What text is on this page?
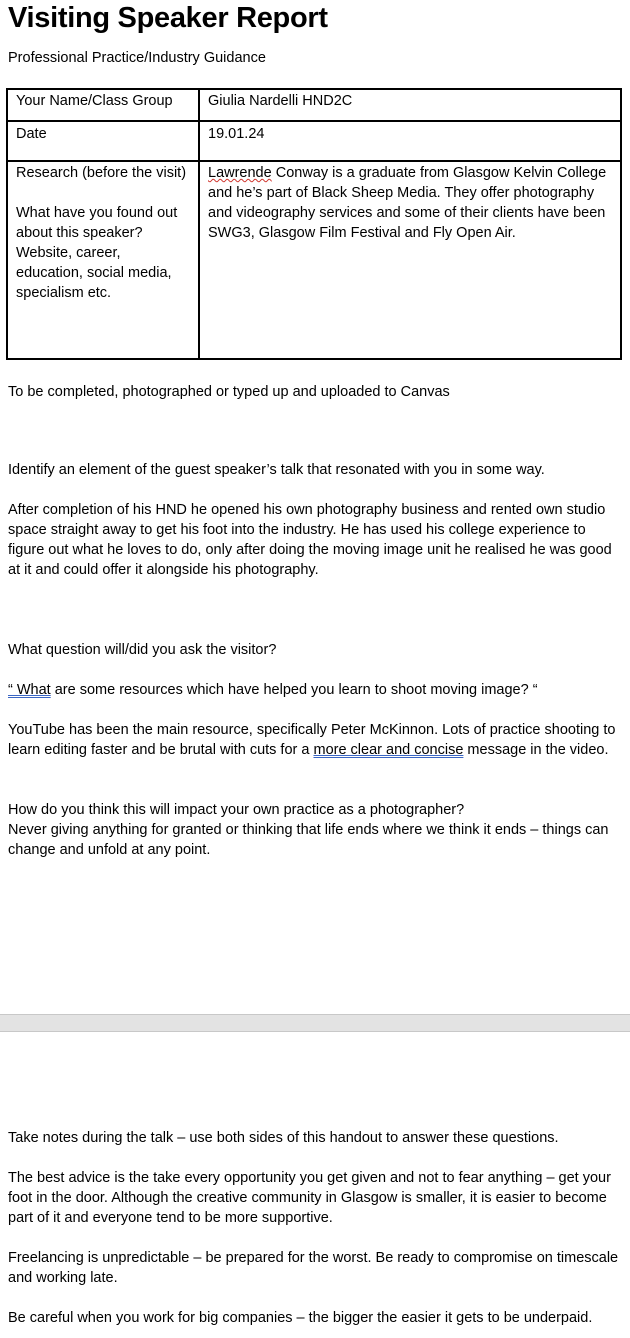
Visiting Speaker Report

Professional Practice/Industry Guidance

Your Name/Class Group	Giulia Nardelli HND2C
Date	19.01.24

Research (before the visit)
What have you found out about this speaker? Website, career, education, social media, specialism etc.	Lawrende Conway is a graduate from Glasgow Kelvin College and he’s part of Black Sheep Media. They offer photography and videography services and some of their clients have been SWG3, Glasgow Film Festival and Fly Open Air.

To be completed, photographed or typed up and uploaded to Canvas

Identify an element of the guest speaker’s talk that resonated with you in some way.

After completion of his HND he opened his own photography business and rented own studio space straight away to get his foot into the industry. He has used his college experience to figure out what he loves to do, only after doing the moving image unit he realised he was good at it and could offer it alongside his photography.

What question will/did you ask the visitor?

“ What are some resources which have helped you learn to shoot moving image? “

YouTube has been the main resource, specifically Peter McKinnon. Lots of practice shooting to learn editing faster and be brutal with cuts for a more clear and concise message in the video.

How do you think this will impact your own practice as a photographer?

Never giving anything for granted or thinking that life ends where we think it ends – things can change and unfold at any point.

Take notes during the talk – use both sides of this handout to answer these questions.

The best advice is the take every opportunity you get given and not to fear anything – get your foot in the door. Although the creative community in Glasgow is smaller, it is easier to become part of it and everyone tend to be more supportive.

Freelancing is unpredictable – be prepared for the worst. Be ready to compromise on timescale and working late.

Be careful when you work for big companies – the bigger the easier it gets to be underpaid.
